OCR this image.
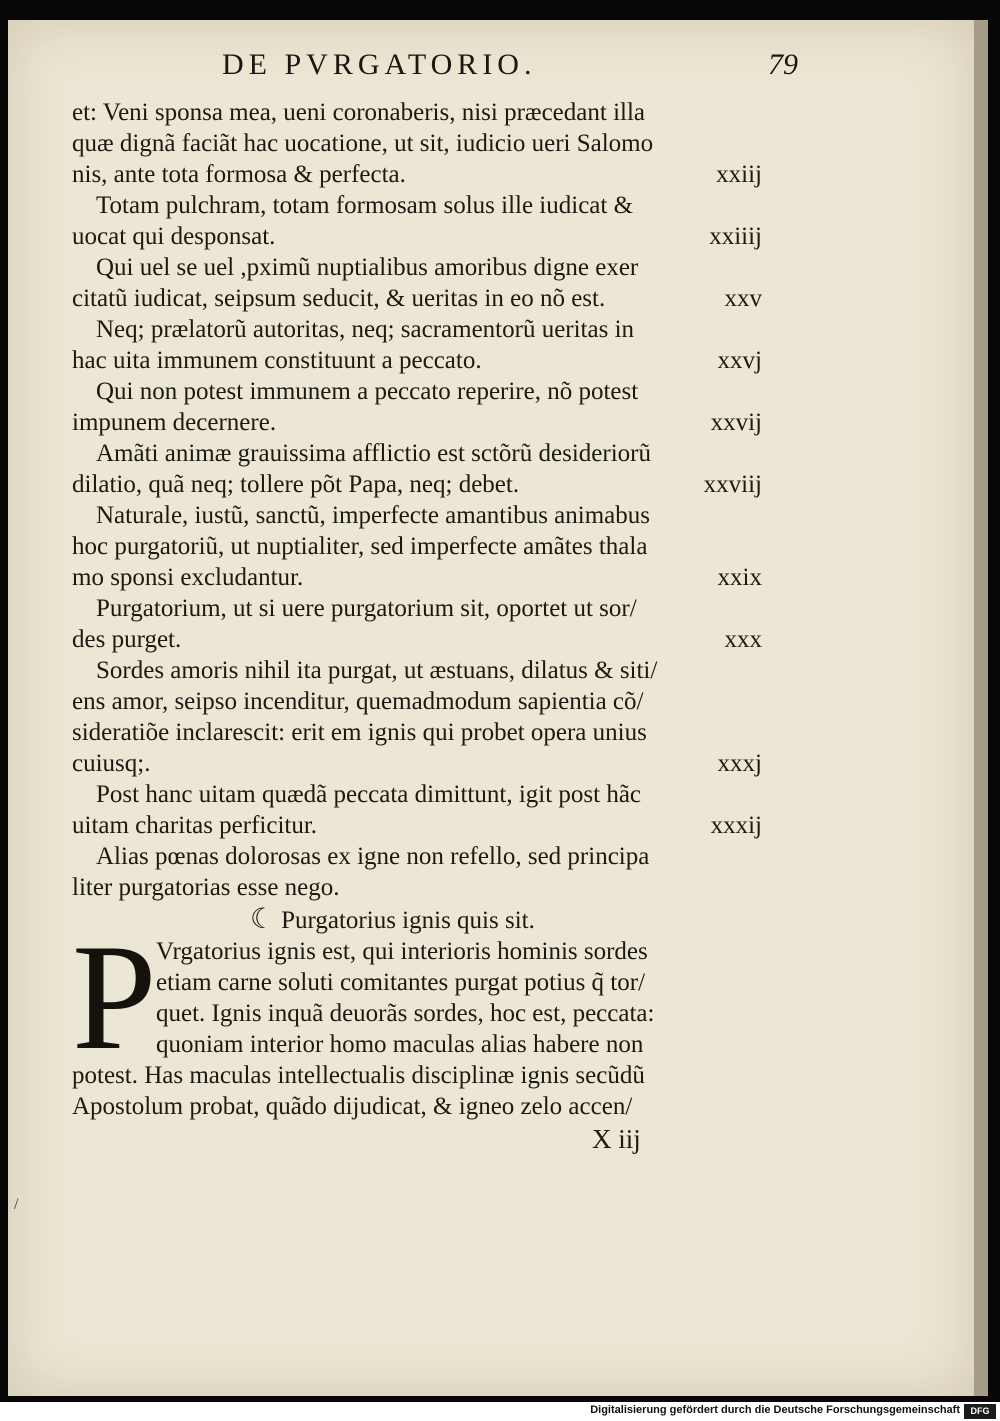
DE PVRGATORIO.	79
et: Veni sponsa mea, ueni coronaberis, nisi præcedant illa
quæ dignã faciãt hac uocatione, ut sit, iudicio ueri Salomo
nis, ante tota formosa & perfecta.	xxiij
Totam pulchram, totam formosam solus ille iudicat &
uocat qui desponsat.	xxiiij
Qui uel se uel ,pximũ nuptialibus amoribus digne exer
citatũ iudicat, seipsum seducit, & ueritas in eo nõ est.	xxv
Neq; prælatorũ autoritas, neq; sacramentorũ ueritas in
hac uita immunem constituunt a peccato.	xxvj
Qui non potest immunem a peccato reperire, nõ potest
impunem decernere.	xxvij
Amãti animæ grauissima afflictio est sctõrũ desideriorũ
dilatio, quã neq; tollere põt Papa, neq; debet.	xxviij
Naturale, iustũ, sanctũ, imperfecte amantibus animabus
hoc purgatoriũ, ut nuptialiter, sed imperfecte amãtes thala
mo sponsi excludantur.	xxix
Purgatorium, ut si uere purgatorium sit, oportet ut sor/
des purget.	xxx
Sordes amoris nihil ita purgat, ut æstuans, dilatus & siti/
ens amor, seipso incenditur, quemadmodum sapientia cõ/
sideratiõe inclarescit: erit em ignis qui probet opera unius
cuiusq;.	xxxj
Post hanc uitam quædã peccata dimittunt, igit post hãc
uitam charitas perficitur.	xxxij
Alias pœnas dolorosas ex igne non refello, sed principa
liter purgatorias esse nego.
☾ Purgatorius ignis quis sit.
P Vrgatorius ignis est, qui interioris hominis sordes
etiam carne soluti comitantes purgat potius q̃ tor/
quet. Ignis inquã deuorãs sordes, hoc est, peccata:
quoniam interior homo maculas alias habere non
potest. Has maculas intellectualis disciplinæ ignis secũdũ
Apostolum probat, quãdo dijudicat, & igneo zelo accen/
X iij
/
Digitalisierung gefördert durch die Deutsche Forschungsgemeinschaft	DFG
